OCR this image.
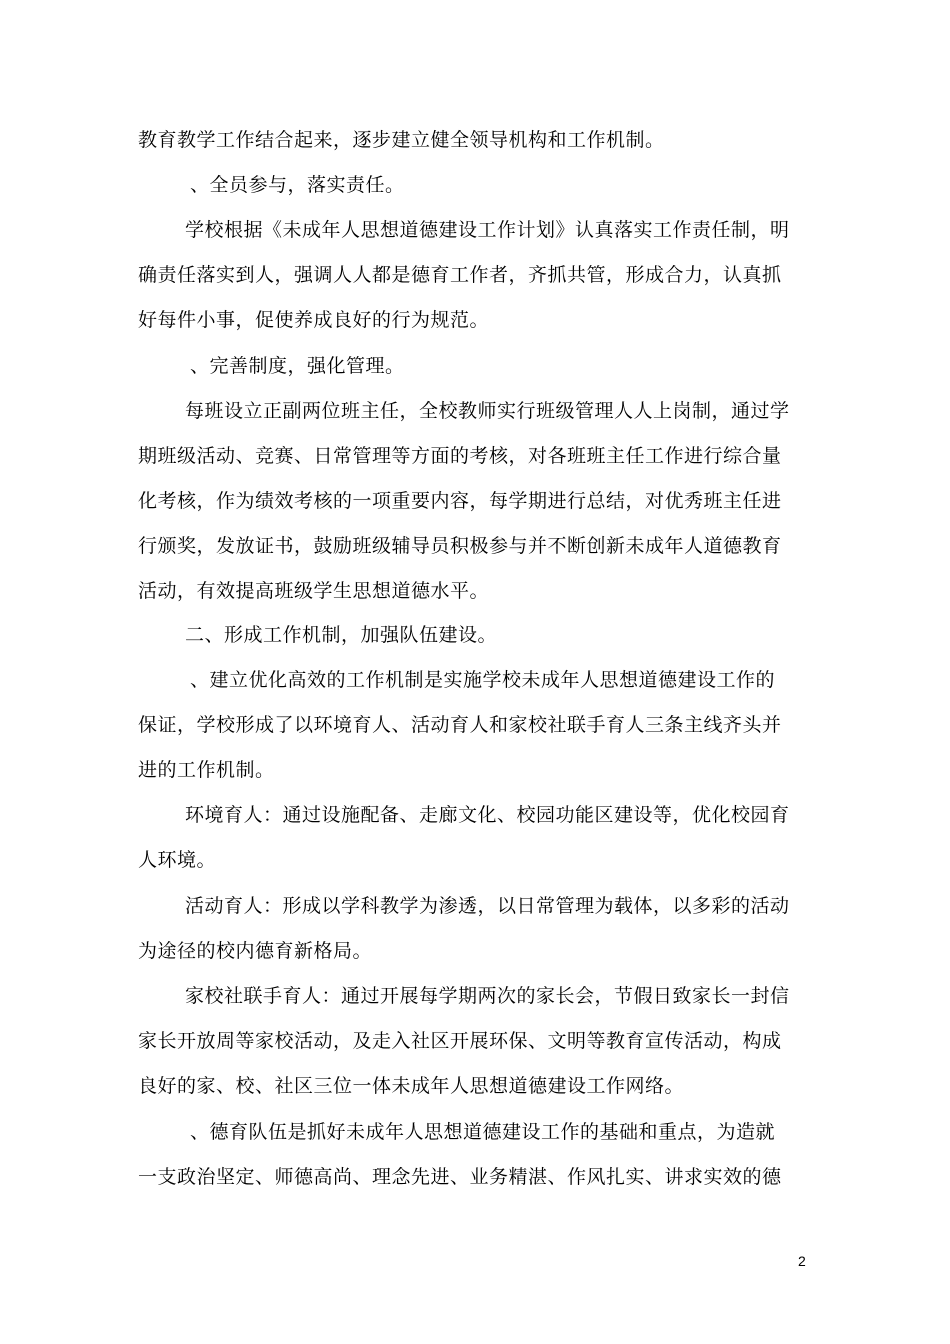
教育教学工作结合起来，逐步建立健全领导机构和工作机制。

、全员参与，落实责任。

学校根据《未成年人思想道德建设工作计划》认真落实工作责任制，明

确责任落实到人，强调人人都是德育工作者，齐抓共管，形成合力，认真抓

好每件小事，促使养成良好的行为规范。

、完善制度，强化管理。

每班设立正副两位班主任，全校教师实行班级管理人人上岗制，通过学

期班级活动、竞赛、日常管理等方面的考核，对各班班主任工作进行综合量

化考核，作为绩效考核的一项重要内容，每学期进行总结，对优秀班主任进

行颁奖，发放证书，鼓励班级辅导员积极参与并不断创新未成年人道德教育

活动，有效提高班级学生思想道德水平。

二、形成工作机制，加强队伍建设。

、建立优化高效的工作机制是实施学校未成年人思想道德建设工作的

保证，学校形成了以环境育人、活动育人和家校社联手育人三条主线齐头并

进的工作机制。

环境育人：通过设施配备、走廊文化、校园功能区建设等，优化校园育

人环境。

活动育人：形成以学科教学为渗透，以日常管理为载体，以多彩的活动

为途径的校内德育新格局。

家校社联手育人：通过开展每学期两次的家长会，节假日致家长一封信

家长开放周等家校活动，及走入社区开展环保、文明等教育宣传活动，构成

良好的家、校、社区三位一体未成年人思想道德建设工作网络。

、德育队伍是抓好未成年人思想道德建设工作的基础和重点，为造就

一支政治坚定、师德高尚、理念先进、业务精湛、作风扎实、讲求实效的德

2
